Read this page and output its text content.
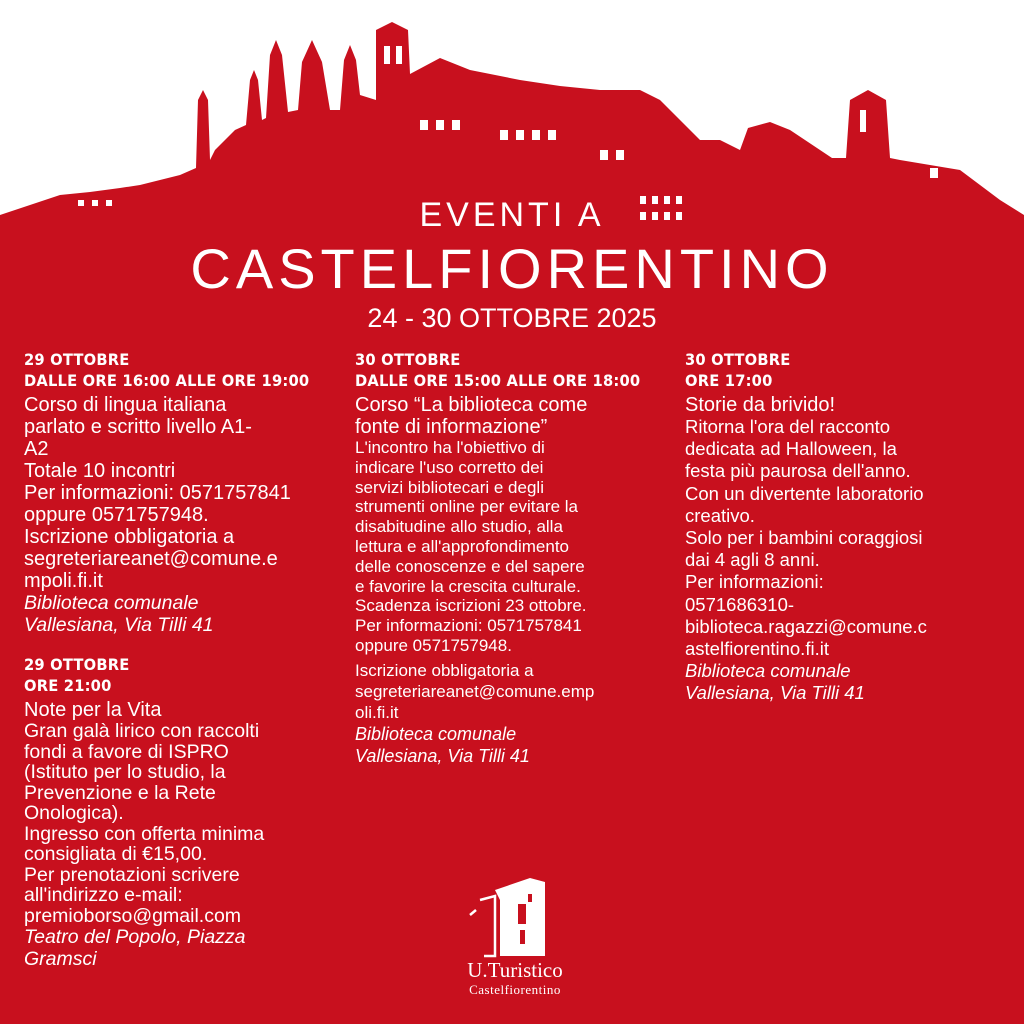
EVENTI A
CASTELFIORENTINO
24 - 30 OTTOBRE 2025
29 OTTOBRE
DALLE ORE 16:00 ALLE ORE 19:00
Corso di lingua italiana
parlato e scritto livello A1-
A2
Totale 10 incontri
Per informazioni: 0571757841
oppure 0571757948.
Iscrizione obbligatoria a
segreteriareanet@comune.e
mpoli.fi.it
Biblioteca comunale
Vallesiana, Via Tilli 41
29 OTTOBRE
ORE 21:00
Note per la Vita
Gran galà lirico con raccolti
fondi a favore di ISPRO
(Istituto per lo studio, la
Prevenzione e la Rete
Onologica).
Ingresso con offerta minima
consigliata di €15,00.
Per prenotazioni scrivere
all'indirizzo e-mail:
premioborso@gmail.com
Teatro del Popolo, Piazza
Gramsci
30 OTTOBRE
DALLE ORE 15:00 ALLE ORE 18:00
Corso “La biblioteca come
fonte di informazione”
L'incontro ha l'obiettivo di
indicare l'uso corretto dei
servizi bibliotecari e degli
strumenti online per evitare la
disabitudine allo studio, alla
lettura e all'approfondimento
delle conoscenze e del sapere
e favorire la crescita culturale.
Scadenza iscrizioni 23 ottobre.
Per informazioni: 0571757841
oppure 0571757948.
Iscrizione obbligatoria a
segreteriareanet@comune.emp
oli.fi.it
Biblioteca comunale
Vallesiana, Via Tilli 41
30 OTTOBRE
ORE 17:00
Storie da brivido!
Ritorna l'ora del racconto
dedicata ad Halloween, la
festa più paurosa dell'anno.
Con un divertente laboratorio
creativo.
Solo per i bambini coraggiosi
dai 4 agli 8 anni.
Per informazioni:
0571686310-
biblioteca.ragazzi@comune.c
astelfiorentino.fi.it
Biblioteca comunale
Vallesiana, Via Tilli 41
U.Turistico
Castelfiorentino
